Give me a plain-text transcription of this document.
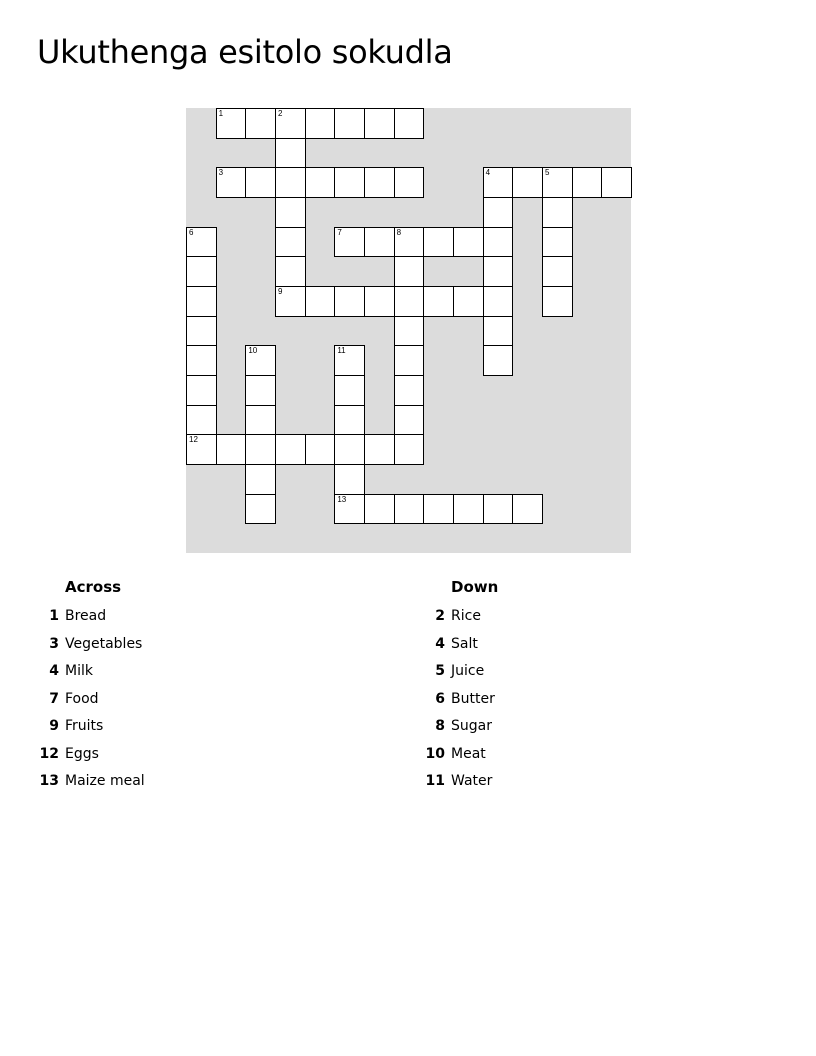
Ukuthenga esitolo sokudla
1	2
3	4	5
6	7	8
9
10	11
12
13
Across
1 Bread
3 Vegetables
4 Milk
7 Food
9 Fruits
12 Eggs
13 Maize meal
Down
2 Rice
4 Salt
5 Juice
6 Butter
8 Sugar
10 Meat
11 Water
